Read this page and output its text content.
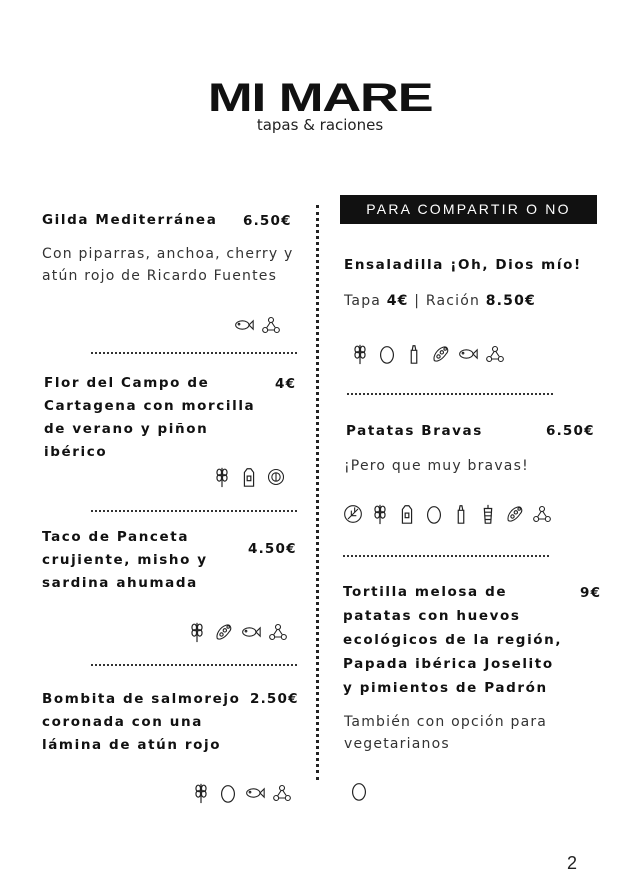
MI MARE
tapas & raciones
Gilda Mediterránea	6.50€
Con piparras, anchoa, cherry y atún rojo de Ricardo Fuentes
Flor del Campo de Cartagena con morcilla de verano y piñon ibérico
4€
Taco de Panceta crujiente, misho y sardina ahumada
4.50€
Bombita de salmorejo coronada con una lámina de atún rojo
2.50€
PARA COMPARTIR O NO
Ensaladilla ¡Oh, Dios mío!
Tapa 4€ | Ración 8.50€
Patatas Bravas	6.50€
¡Pero que muy bravas!
Tortilla melosa de patatas con huevos ecológicos de la región, Papada ibérica Joselito y pimientos de Padrón
9€
También con opción para vegetarianos
2
